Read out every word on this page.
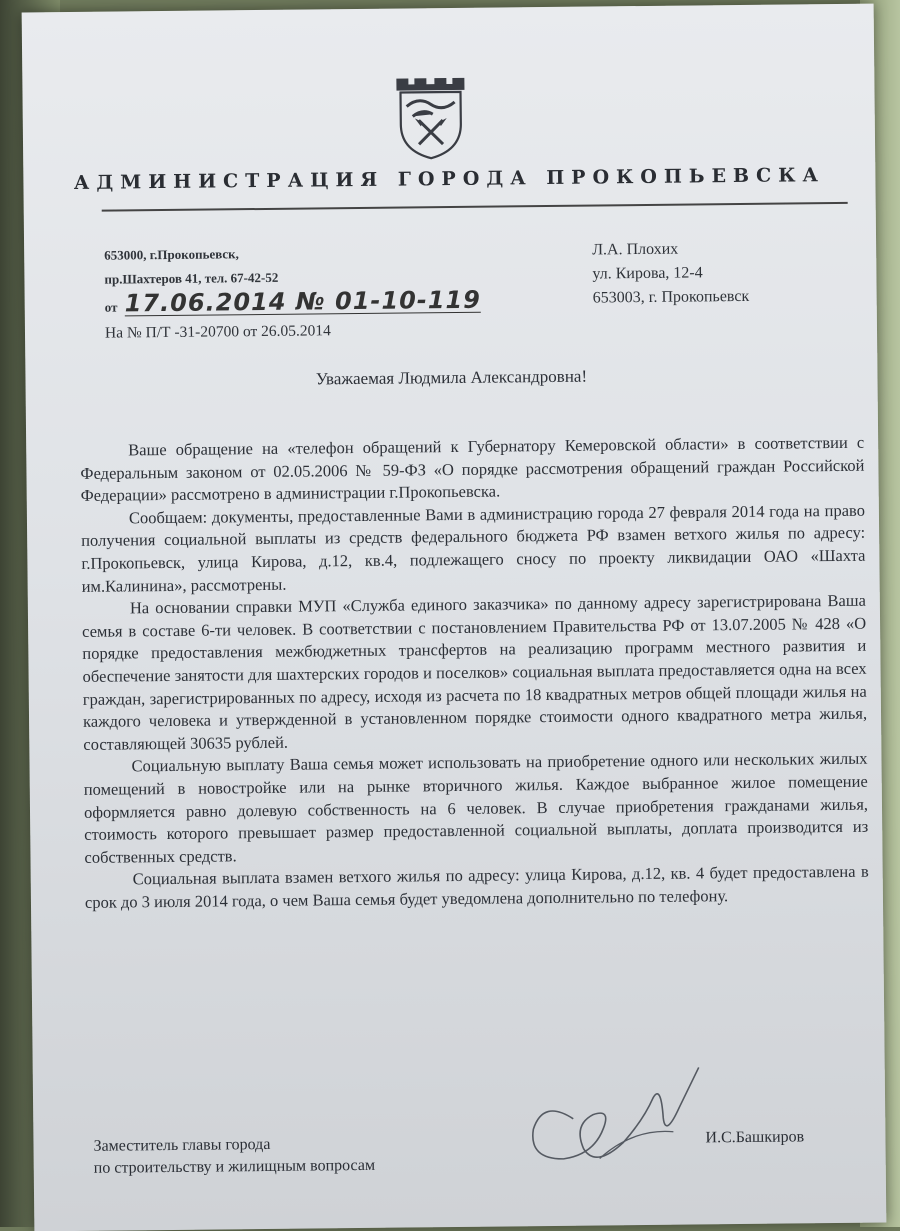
АДМИНИСТРАЦИЯ ГОРОДА ПРОКОПЬЕВСКА
653000, г.Прокопьевск,
пр.Шахтеров 41, тел. 67-42-52
от 17.06.2014 № 01-10-119
На № П/Т -31-20700 от 26.05.2014
Л.А. Плохих
ул. Кирова, 12-4
653003, г. Прокопьевск
Уважаемая Людмила Александровна!

Ваше обращение на «телефон обращений к Губернатору Кемеровской области» в соответствии с Федеральным законом от 02.05.2006 № 59-ФЗ «О порядке рассмотрения обращений граждан Российской Федерации» рассмотрено в администрации г.Прокопьевска.

Сообщаем: документы, предоставленные Вами в администрацию города 27 февраля 2014 года на право получения социальной выплаты из средств федерального бюджета РФ взамен ветхого жилья по адресу: г.Прокопьевск, улица Кирова, д.12, кв.4, подлежащего сносу по проекту ликвидации ОАО «Шахта им.Калинина», рассмотрены.

На основании справки МУП «Служба единого заказчика» по данному адресу зарегистрирована Ваша семья в составе 6-ти человек. В соответствии с постановлением Правительства РФ от 13.07.2005 № 428 «О порядке предоставления межбюджетных трансфертов на реализацию программ местного развития и обеспечение занятости для шахтерских городов и поселков» социальная выплата предоставляется одна на всех граждан, зарегистрированных по адресу, исходя из расчета по 18 квадратных метров общей площади жилья на каждого человека и утвержденной в установленном порядке стоимости одного квадратного метра жилья, составляющей 30635 рублей.

Социальную выплату Ваша семья может использовать на приобретение одного или нескольких жилых помещений в новостройке или на рынке вторичного жилья. Каждое выбранное жилое помещение оформляется равно долевую собственность на 6 человек. В случае приобретения гражданами жилья, стоимость которого превышает размер предоставленной социальной выплаты, доплата производится из собственных средств.

Социальная выплата взамен ветхого жилья по адресу: улица Кирова, д.12, кв. 4 будет предоставлена в срок до 3 июля 2014 года, о чем Ваша семья будет уведомлена дополнительно по телефону.

Заместитель главы города
по строительству и жилищным вопросам
И.С.Башкиров
